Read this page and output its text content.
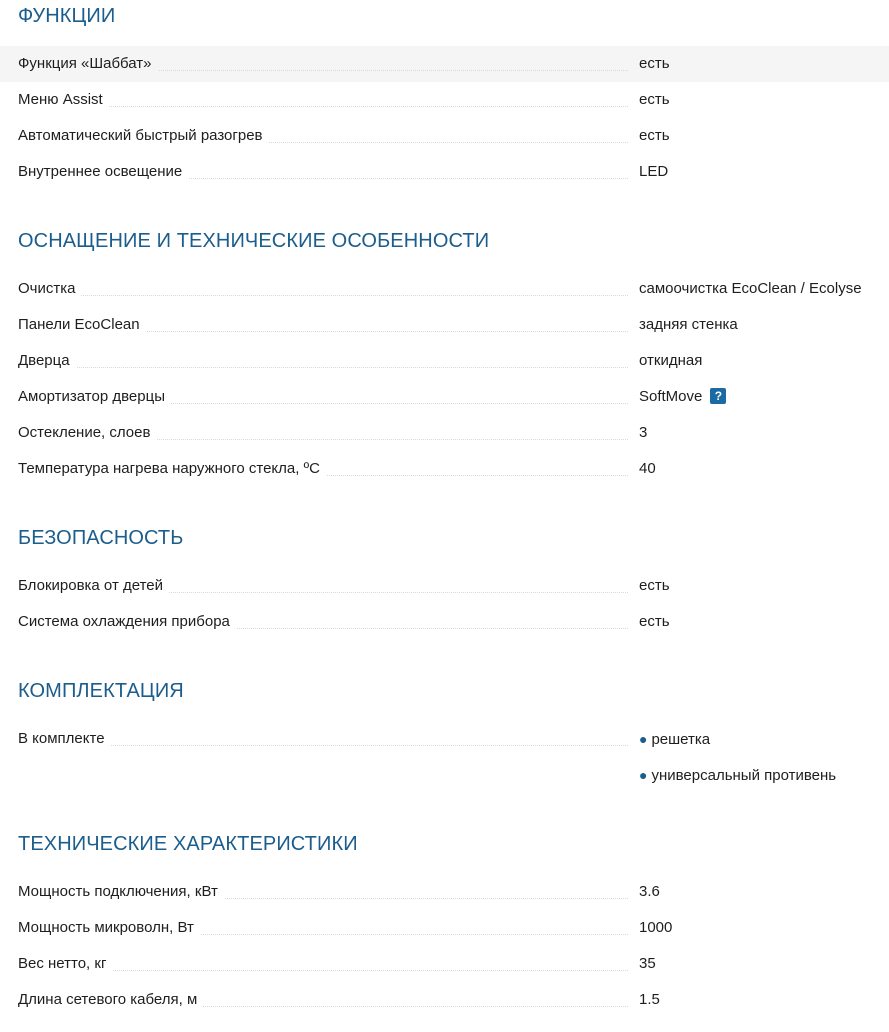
ФУНКЦИИ
Функция «Шаббат»	есть
Меню Assist	есть
Автоматический быстрый разогрев	есть
Внутреннее освещение	LED
ОСНАЩЕНИЕ И ТЕХНИЧЕСКИЕ ОСОБЕННОСТИ
Очистка	самоочистка EcoClean / Ecolyse
Панели EcoClean	задняя стенка
Дверца	откидная
Амортизатор дверцы	SoftMove ?
Остекление, слоев	3
Температура нагрева наружного стекла, ºC	40
БЕЗОПАСНОСТЬ
Блокировка от детей	есть
Система охлаждения прибора	есть
КОМПЛЕКТАЦИЯ
В комплекте	● решетка
● универсальный противень
ТЕХНИЧЕСКИЕ ХАРАКТЕРИСТИКИ
Мощность подключения, кВт	3.6
Мощность микроволн, Вт	1000
Вес нетто, кг	35
Длина сетевого кабеля, м	1.5
